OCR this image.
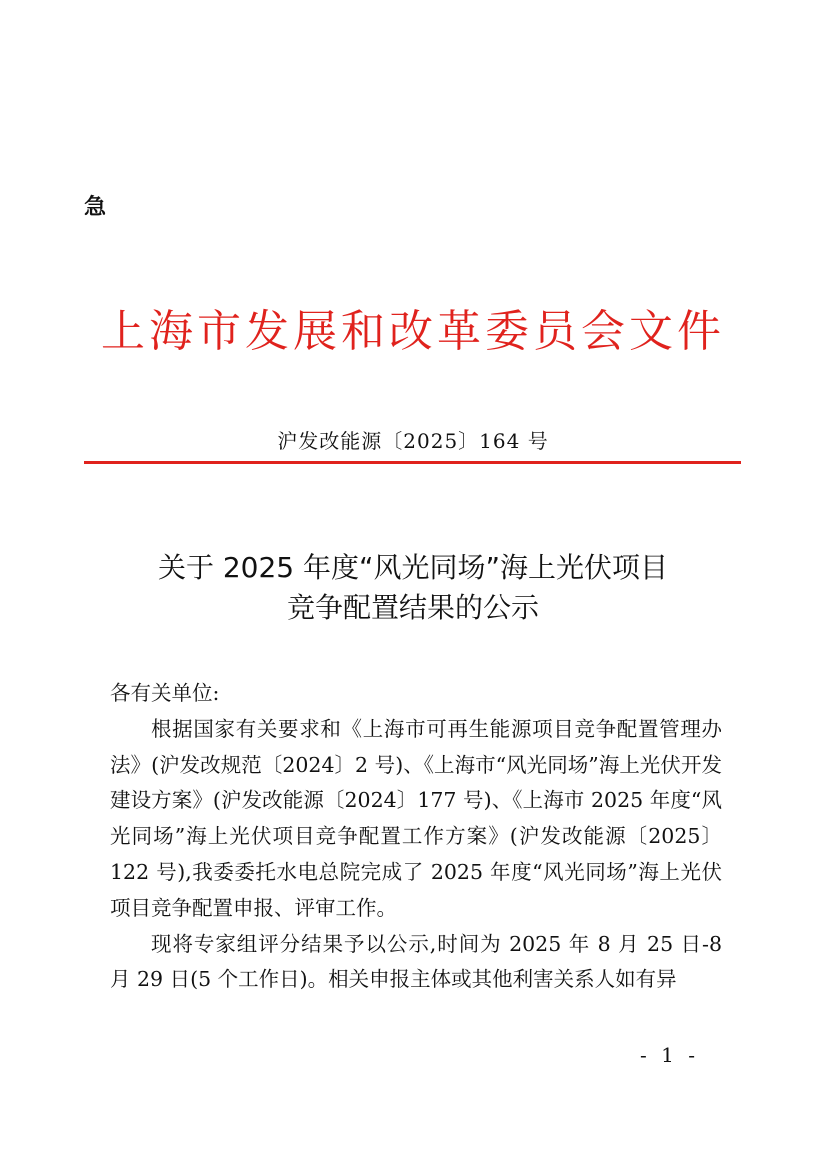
急
上海市发展和改革委员会文件
沪发改能源〔2025〕164 号
关于 2025 年度“风光同场”海上光伏项目
竞争配置结果的公示

各有关单位:

根据国家有关要求和《上海市可再生能源项目竞争配置管理办法》(沪发改规范〔2024〕2 号)、《上海市“风光同场”海上光伏开发建设方案》(沪发改能源〔2024〕177 号)、《上海市 2025 年度“风光同场”海上光伏项目竞争配置工作方案》(沪发改能源〔2025〕122 号),我委委托水电总院完成了 2025 年度“风光同场”海上光伏项目竞争配置申报、评审工作。

现将专家组评分结果予以公示,时间为 2025 年 8 月 25 日-8 月 29 日(5 个工作日)。相关申报主体或其他利害关系人如有异

- 1 -
